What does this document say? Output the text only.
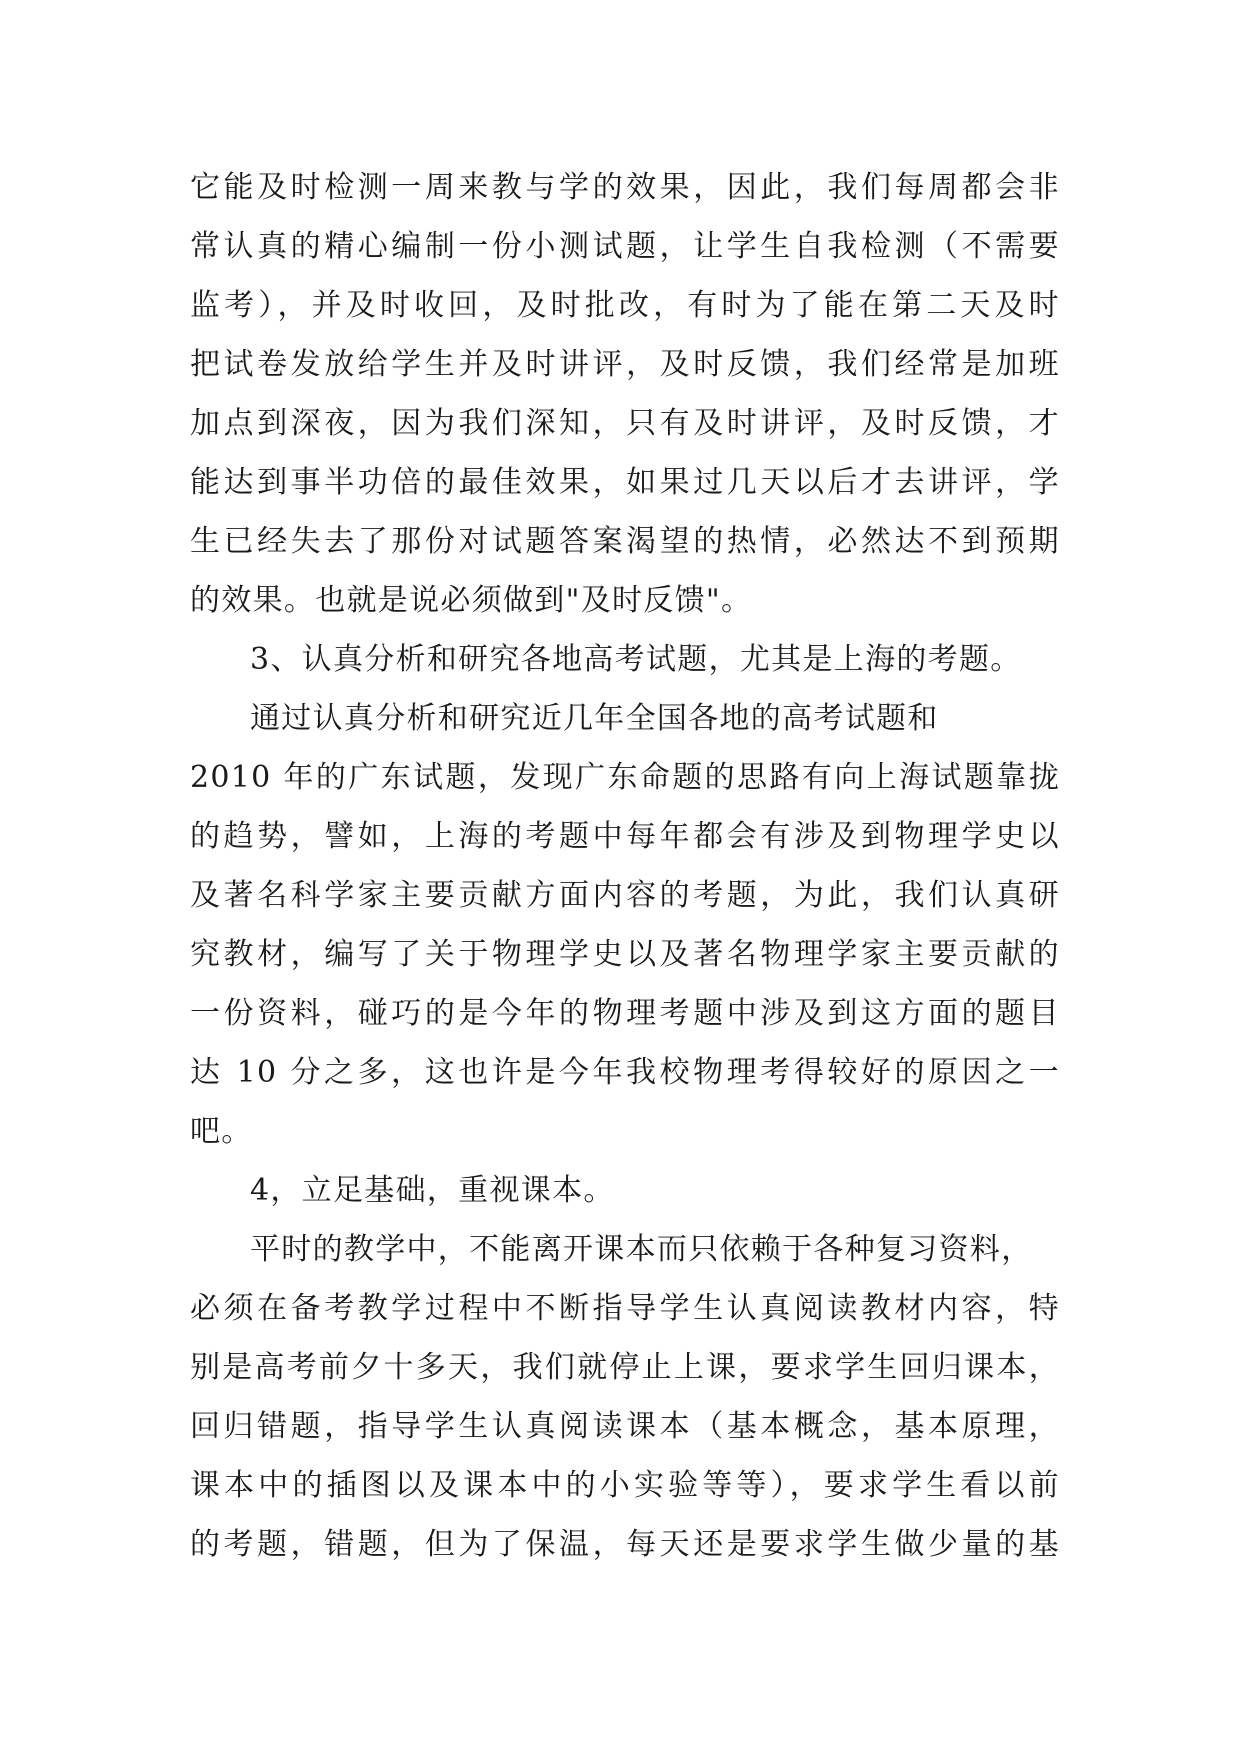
它能及时检测一周来教与学的效果，因此，我们每周都会非
常认真的精心编制一份小测试题，让学生自我检测（不需要
监考），并及时收回，及时批改，有时为了能在第二天及时
把试卷发放给学生并及时讲评，及时反馈，我们经常是加班
加点到深夜，因为我们深知，只有及时讲评，及时反馈，才
能达到事半功倍的最佳效果，如果过几天以后才去讲评，学
生已经失去了那份对试题答案渴望的热情，必然达不到预期
的效果。也就是说必须做到"及时反馈"。
3、认真分析和研究各地高考试题，尤其是上海的考题。
通过认真分析和研究近几年全国各地的高考试题和
2010 年的广东试题，发现广东命题的思路有向上海试题靠拢
的趋势，譬如，上海的考题中每年都会有涉及到物理学史以
及著名科学家主要贡献方面内容的考题，为此，我们认真研
究教材，编写了关于物理学史以及著名物理学家主要贡献的
一份资料，碰巧的是今年的物理考题中涉及到这方面的题目
达 10 分之多，这也许是今年我校物理考得较好的原因之一
吧。
4，立足基础，重视课本。
平时的教学中，不能离开课本而只依赖于各种复习资料，
必须在备考教学过程中不断指导学生认真阅读教材内容，特
别是高考前夕十多天，我们就停止上课，要求学生回归课本，
回归错题，指导学生认真阅读课本（基本概念，基本原理，
课本中的插图以及课本中的小实验等等），要求学生看以前
的考题，错题，但为了保温，每天还是要求学生做少量的基
